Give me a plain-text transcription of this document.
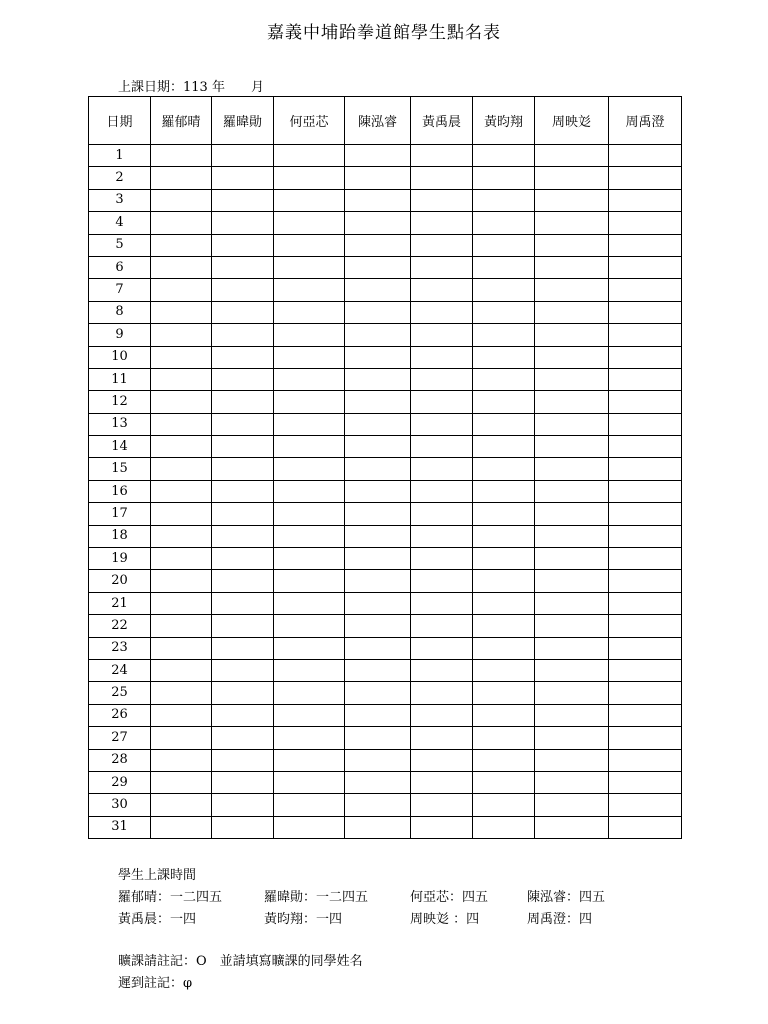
嘉義中埔跆拳道館學生點名表
上課日期：113 年　　月
日期	羅郁晴	羅暐勛	何亞芯	陳泓睿	黃禹晨	黃昀翔	周映彣	周禹澄
1								
2								
3								
4								
5								
6								
7								
8								
9								
10								
11								
12								
13								
14								
15								
16								
17								
18								
19								
20								
21								
22								
23								
24								
25								
26								
27								
28								
29								
30								
31								
學生上課時間
羅郁晴：一二四五	羅暐勛：一二四五	何亞芯：四五	陳泓睿：四五
黃禹晨：一四	黃昀翔：一四	周映彣 ：四	周禹澄：四
曠課請註記：O　並請填寫曠課的同學姓名
遲到註記：φ
